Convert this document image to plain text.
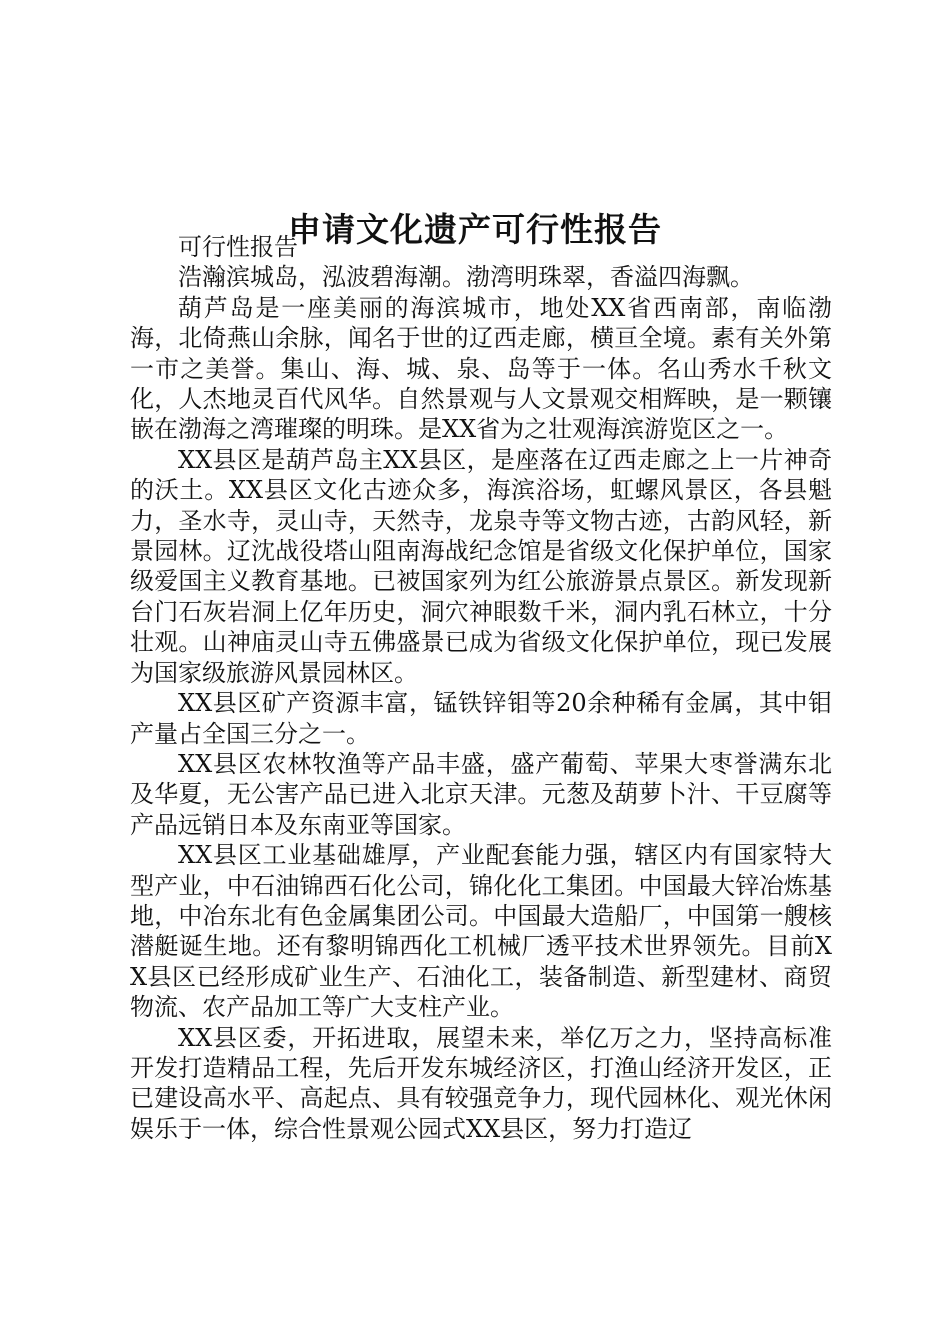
申请文化遗产可行性报告

可行性报告

浩瀚滨城岛，泓波碧海潮。渤湾明珠翠，香溢四海飘。

葫芦岛是一座美丽的海滨城市，地处XX省西南部，南临渤海，北倚燕山余脉，闻名于世的辽西走廊，横亘全境。素有关外第一市之美誉。集山、海、城、泉、岛等于一体。名山秀水千秋文化，人杰地灵百代风华。自然景观与人文景观交相辉映，是一颗镶嵌在渤海之湾璀璨的明珠。是XX省为之壮观海滨游览区之一。

XX县区是葫芦岛主XX县区，是座落在辽西走廊之上一片神奇的沃土。XX县区文化古迹众多，海滨浴场，虹螺风景区，各县魁力，圣水寺，灵山寺，天然寺，龙泉寺等文物古迹，古韵风轻，新景园林。辽沈战役塔山阻南海战纪念馆是省级文化保护单位，国家级爱国主义教育基地。已被国家列为红公旅游景点景区。新发现新台门石灰岩洞上亿年历史，洞穴神眼数千米，洞内乳石林立，十分壮观。山神庙灵山寺五佛盛景已成为省级文化保护单位，现已发展为国家级旅游风景园林区。

XX县区矿产资源丰富，锰铁锌钼等20余种稀有金属，其中钼产量占全国三分之一。

XX县区农林牧渔等产品丰盛，盛产葡萄、苹果大枣誉满东北及华夏，无公害产品已进入北京天津。元葱及葫萝卜汁、干豆腐等产品远销日本及东南亚等国家。

XX县区工业基础雄厚，产业配套能力强，辖区内有国家特大型产业，中石油锦西石化公司，锦化化工集团。中国最大锌冶炼基地，中冶东北有色金属集团公司。中国最大造船厂，中国第一艘核潜艇诞生地。还有黎明锦西化工机械厂透平技术世界领先。目前XX县区已经形成矿业生产、石油化工，装备制造、新型建材、商贸物流、农产品加工等广大支柱产业。

XX县区委，开拓进取，展望未来，举亿万之力，坚持高标准开发打造精品工程，先后开发东城经济区，打渔山经济开发区，正已建设高水平、高起点、具有较强竞争力，现代园林化、观光休闲娱乐于一体，综合性景观公园式XX县区，努力打造辽
